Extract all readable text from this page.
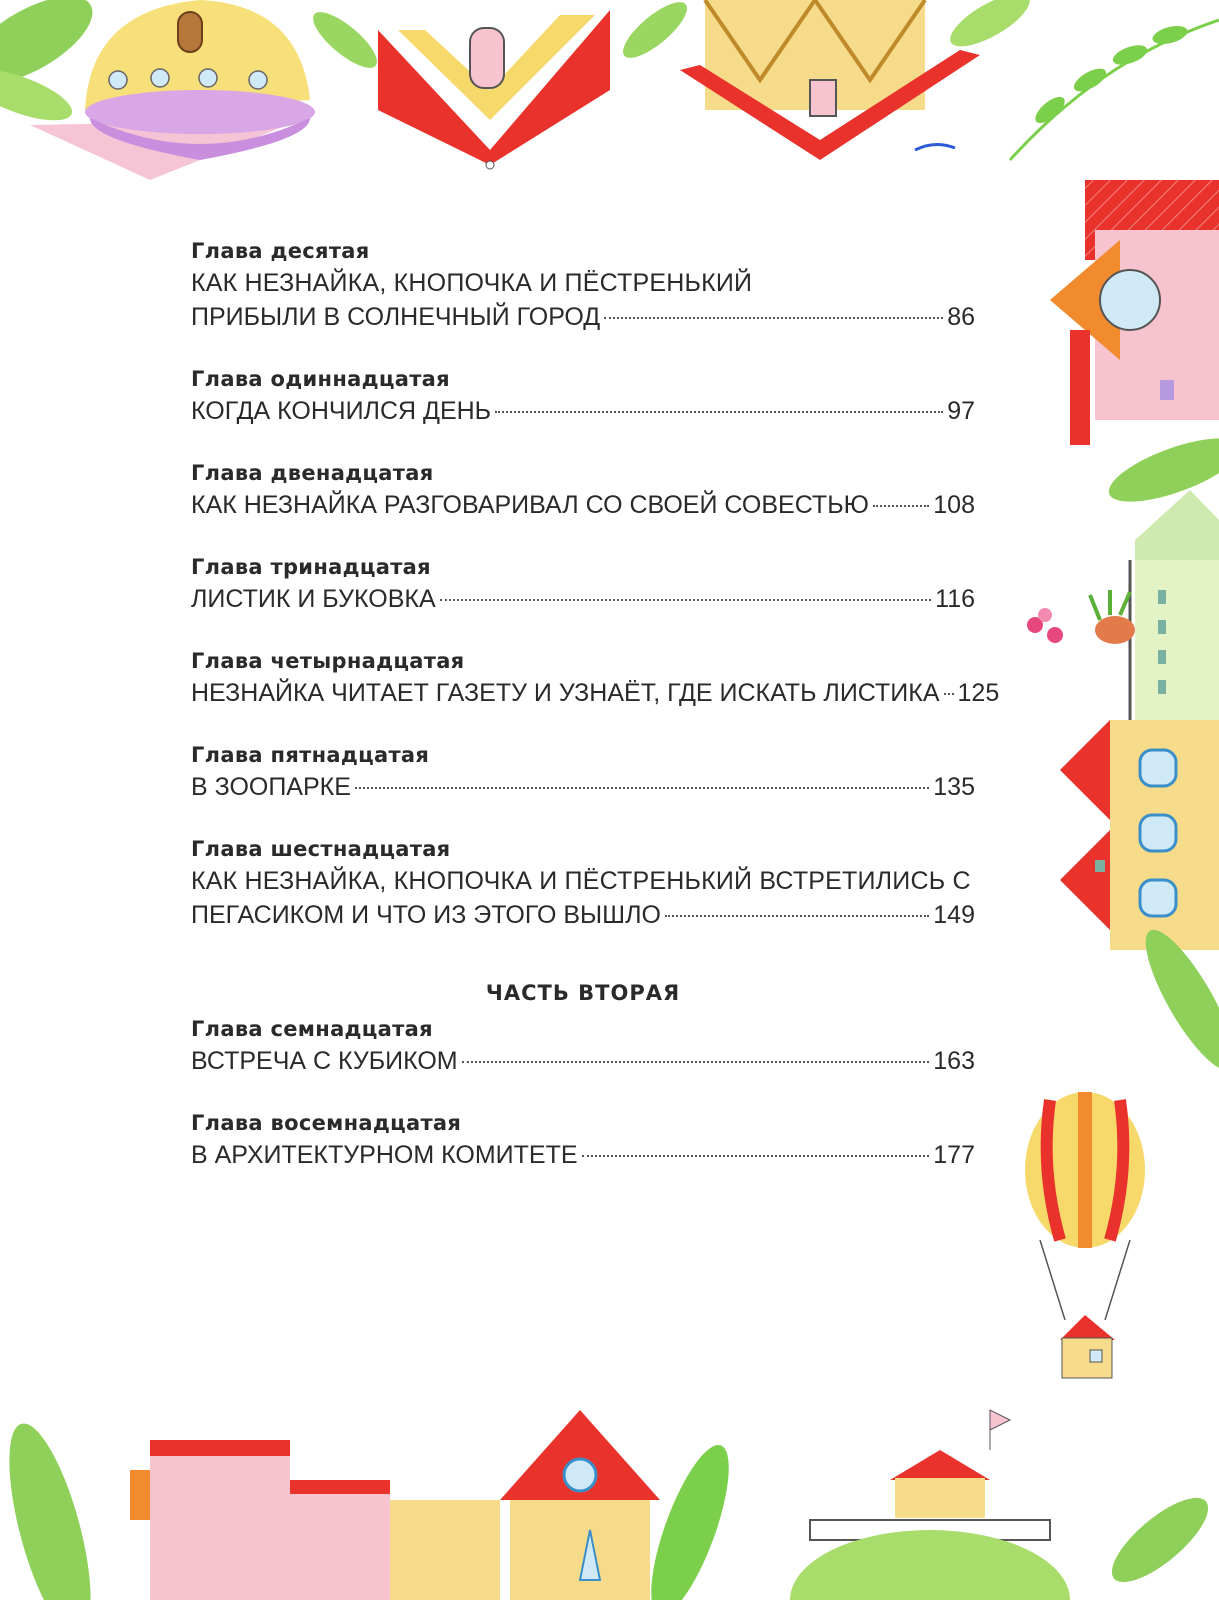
Глава десятая
КАК НЕЗНАЙКА, КНОПОЧКА И ПЁСТРЕНЬКИЙ
ПРИБЫЛИ В СОЛНЕЧНЫЙ ГОРОД	86
Глава одиннадцатая
КОГДА КОНЧИЛСЯ ДЕНЬ	97
Глава двенадцатая
КАК НЕЗНАЙКА РАЗГОВАРИВАЛ СО СВОЕЙ СОВЕСТЬЮ	108
Глава тринадцатая
ЛИСТИК И БУКОВКА	116
Глава четырнадцатая
НЕЗНАЙКА ЧИТАЕТ ГАЗЕТУ И УЗНАЁТ, ГДЕ ИСКАТЬ ЛИСТИКА 125
Глава пятнадцатая
В ЗООПАРКЕ	135
Глава шестнадцатая
КАК НЕЗНАЙКА, КНОПОЧКА И ПЁСТРЕНЬКИЙ ВСТРЕТИЛИСЬ С
ПЕГАСИКОМ И ЧТО ИЗ ЭТОГО ВЫШЛО	149
ЧАСТЬ ВТОРАЯ
Глава семнадцатая
ВСТРЕЧА С КУБИКОМ	163
Глава восемнадцатая
В АРХИТЕКТУРНОМ КОМИТЕТЕ	177
